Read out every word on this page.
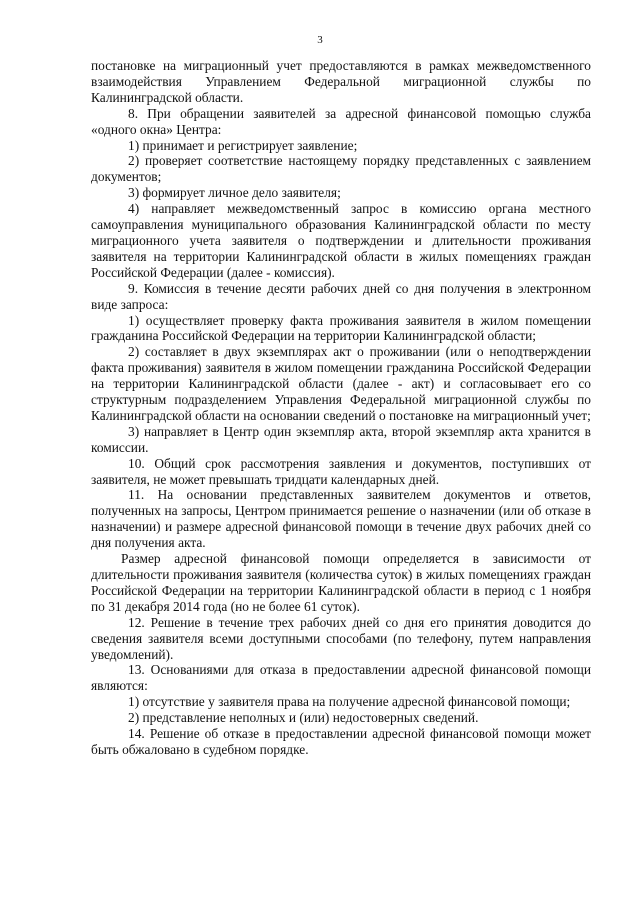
3

постановке на миграционный учет предоставляются в рамках межведомственного взаимодействия Управлением Федеральной миграционной службы по Калининградской области.

8. При обращении заявителей за адресной финансовой помощью служба «одного окна» Центра:

1) принимает и регистрирует заявление;

2) проверяет соответствие настоящему порядку представленных с заявлением документов;

3) формирует личное дело заявителя;

4) направляет межведомственный запрос в комиссию органа местного самоуправления муниципального образования Калининградской области по месту миграционного учета заявителя о подтверждении и длительности проживания заявителя на территории Калининградской области в жилых помещениях граждан Российской Федерации (далее - комиссия).

9. Комиссия в течение десяти рабочих дней со дня получения в электронном виде запроса:

1) осуществляет проверку факта проживания заявителя в жилом помещении гражданина Российской Федерации на территории Калининградской области;

2) составляет в двух экземплярах акт о проживании (или о неподтверждении факта проживания) заявителя в жилом помещении гражданина Российской Федерации на территории Калининградской области (далее - акт) и согласовывает его со структурным подразделением Управления Федеральной миграционной службы по Калининградской области на основании сведений о постановке на миграционный учет;

3) направляет в Центр один экземпляр акта, второй экземпляр акта хранится в комиссии.

10. Общий срок рассмотрения заявления и документов, поступивших от заявителя, не может превышать тридцати календарных дней.

11. На основании представленных заявителем документов и ответов, полученных на запросы, Центром принимается решение о назначении (или об отказе в назначении) и размере адресной финансовой помощи в течение двух рабочих дней со дня получения акта.

Размер адресной финансовой помощи определяется в зависимости от длительности проживания заявителя (количества суток) в жилых помещениях граждан Российской Федерации на территории Калининградской области в период с 1 ноября по 31 декабря 2014 года (но не более 61 суток).

12. Решение в течение трех рабочих дней со дня его принятия доводится до сведения заявителя всеми доступными способами (по телефону, путем направления уведомлений).

13. Основаниями для отказа в предоставлении адресной финансовой помощи являются:

1) отсутствие у заявителя права на получение адресной финансовой помощи;

2) представление неполных и (или) недостоверных сведений.

14. Решение об отказе в предоставлении адресной финансовой помощи может быть обжаловано в судебном порядке.
